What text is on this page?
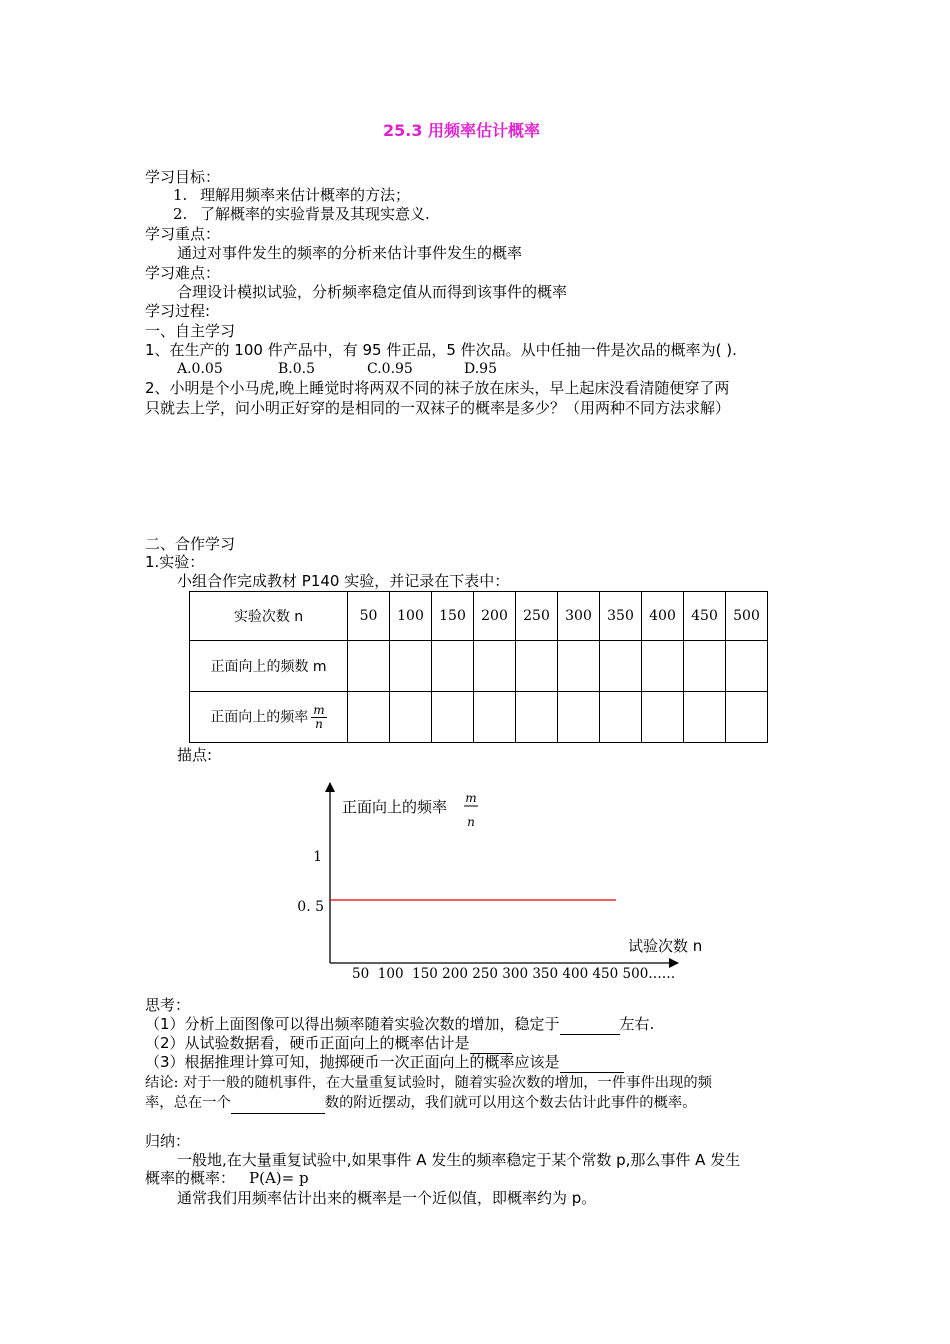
25.3 用频率估计概率
学习目标：
1. 理解用频率来估计概率的方法；
2. 了解概率的实验背景及其现实意义.
学习重点：
通过对事件发生的频率的分析来估计事件发生的概率
学习难点：
合理设计模拟试验，分析频率稳定值从而得到该事件的概率
学习过程:
一、自主学习
1、在生产的 100 件产品中，有 95 件正品，5 件次品。从中任抽一件是次品的概率为( ).
A.0.05	B.0.5	C.0.95	D.95
2、小明是个小马虎,晚上睡觉时将两双不同的袜子放在床头，早上起床没看清随便穿了两
只就去上学，问小明正好穿的是相同的一双袜子的概率是多少？（用两种不同方法求解）
二、合作学习
1.实验：
小组合作完成教材 P140 实验，并记录在下表中：
实验次数 n	50	100	150	200	250	300	350	400	450	500
正面向上的频数 m										
正面向上的频率 $\frac{m}{n}$

描点:
正面向上的频率 m
n
1
0. 5
试验次数 n
50  100  150 200 250 300 350 400 450 500……
思考：
（1）分析上面图像可以得出频率随着实验次数的增加，稳定于	左右.
（2）从试验数据看，硬币正面向上的概率估计是
（3）根据推理计算可知，抛掷硬币一次正面向上的概率应该是
结论: 对于一般的随机事件，在大量重复试验时，随着实验次数的增加，一件事件出现的频
率，总在一个	数的附近摆动，我们就可以用这个数去估计此事件的概率。
归纳：
一般地,在大量重复试验中,如果事件 A 发生的频率稳定于某个常数 p,那么事件 A 发生
概率的概率： P(A)= p
通常我们用频率估计出来的概率是一个近似值，即概率约为 p。
